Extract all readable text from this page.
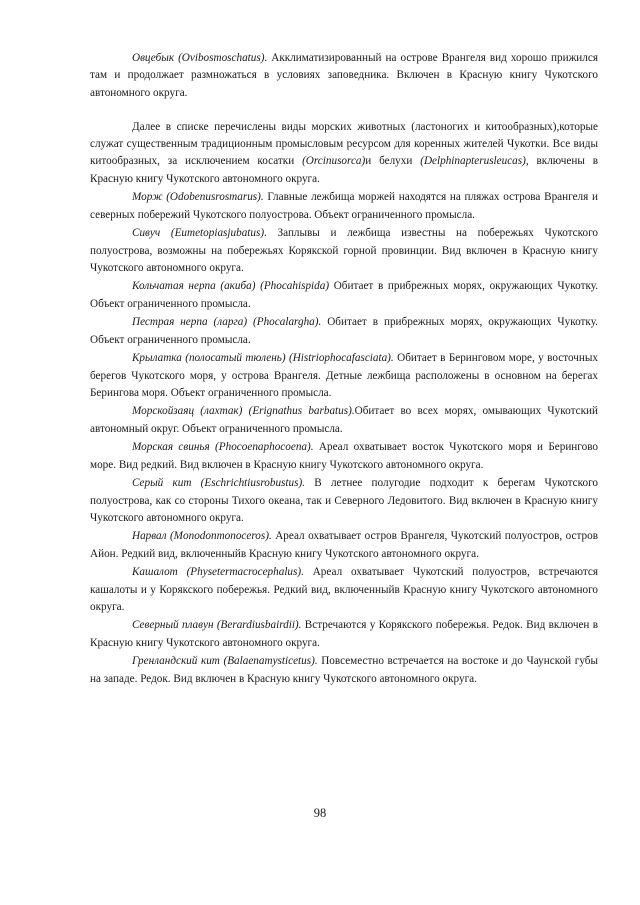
Овцебык (Ovibosmoschatus). Акклиматизированный на острове Врангеля вид хорошо прижился там и продолжает размножаться в условиях заповедника. Включен в Красную книгу Чукотского автономного округа.

Далее в списке перечислены виды морских животных (ластоногих и китообразных),которые служат существенным традиционным промысловым ресурсом для коренных жителей Чукотки. Все виды китообразных, за исключением косатки (Orcinusorca)и белухи (Delphinapterusleucas), включены в Красную книгу Чукотского автономного округа.

Морж (Odobenusrosmarus). Главные лежбища моржей находятся на пляжах острова Врангеля и северных побережий Чукотского полуострова. Объект ограниченного промысла.

Сивуч (Eumetopiasjubatus). Заплывы и лежбища известны на побережьях Чукотского полуострова, возможны на побережьях Корякской горной провинции. Вид включен в Красную книгу Чукотского автономного округа.

Кольчатая нерпа (акиба) (Phocahispida) Обитает в прибрежных морях, окружающих Чукотку. Объект ограниченного промысла.

Пестрая нерпа (ларга) (Phocalargha). Обитает в прибрежных морях, окружающих Чукотку. Объект ограниченного промысла.

Крылатка (полосатый тюлень) (Histriophocafasciata). Обитает в Беринговом море, у восточных берегов Чукотского моря, у острова Врангеля. Детные лежбища расположены в основном на берегах Берингова моря. Объект ограниченного промысла.

Морскойзаяц (лахтак) (Erignathus barbatus).Обитает во всех морях, омывающих Чукотский автономный округ. Объект ограниченного промысла.

Морская свинья (Phocoenaphocoena). Ареал охватывает восток Чукотского моря и Берингово море. Вид редкий. Вид включен в Красную книгу Чукотского автономного округа.

Серый кит (Eschrichtiusrobustus). В летнее полугодие подходит к берегам Чукотского полуострова, как со стороны Тихого океана, так и Северного Ледовитого. Вид включен в Красную книгу Чукотского автономного округа.

Нарвал (Monodonmonoceros). Ареал охватывает остров Врангеля, Чукотский полуостров, остров Айон. Редкий вид, включенныйв Красную книгу Чукотского автономного округа.

Кашалот (Physetermacrocephalus). Ареал охватывает Чукотский полуостров, встречаются кашалоты и у Корякского побережья. Редкий вид, включенныйв Красную книгу Чукотского автономного округа.

Северный плавун (Berardiusbairdii). Встречаются у Корякского побережья. Редок. Вид включен в Красную книгу Чукотского автономного округа.

Гренландский кит (Balaenamysticetus). Повсеместно встречается на востоке и до Чаунской губы на западе. Редок. Вид включен в Красную книгу Чукотского автономного округа.

98
